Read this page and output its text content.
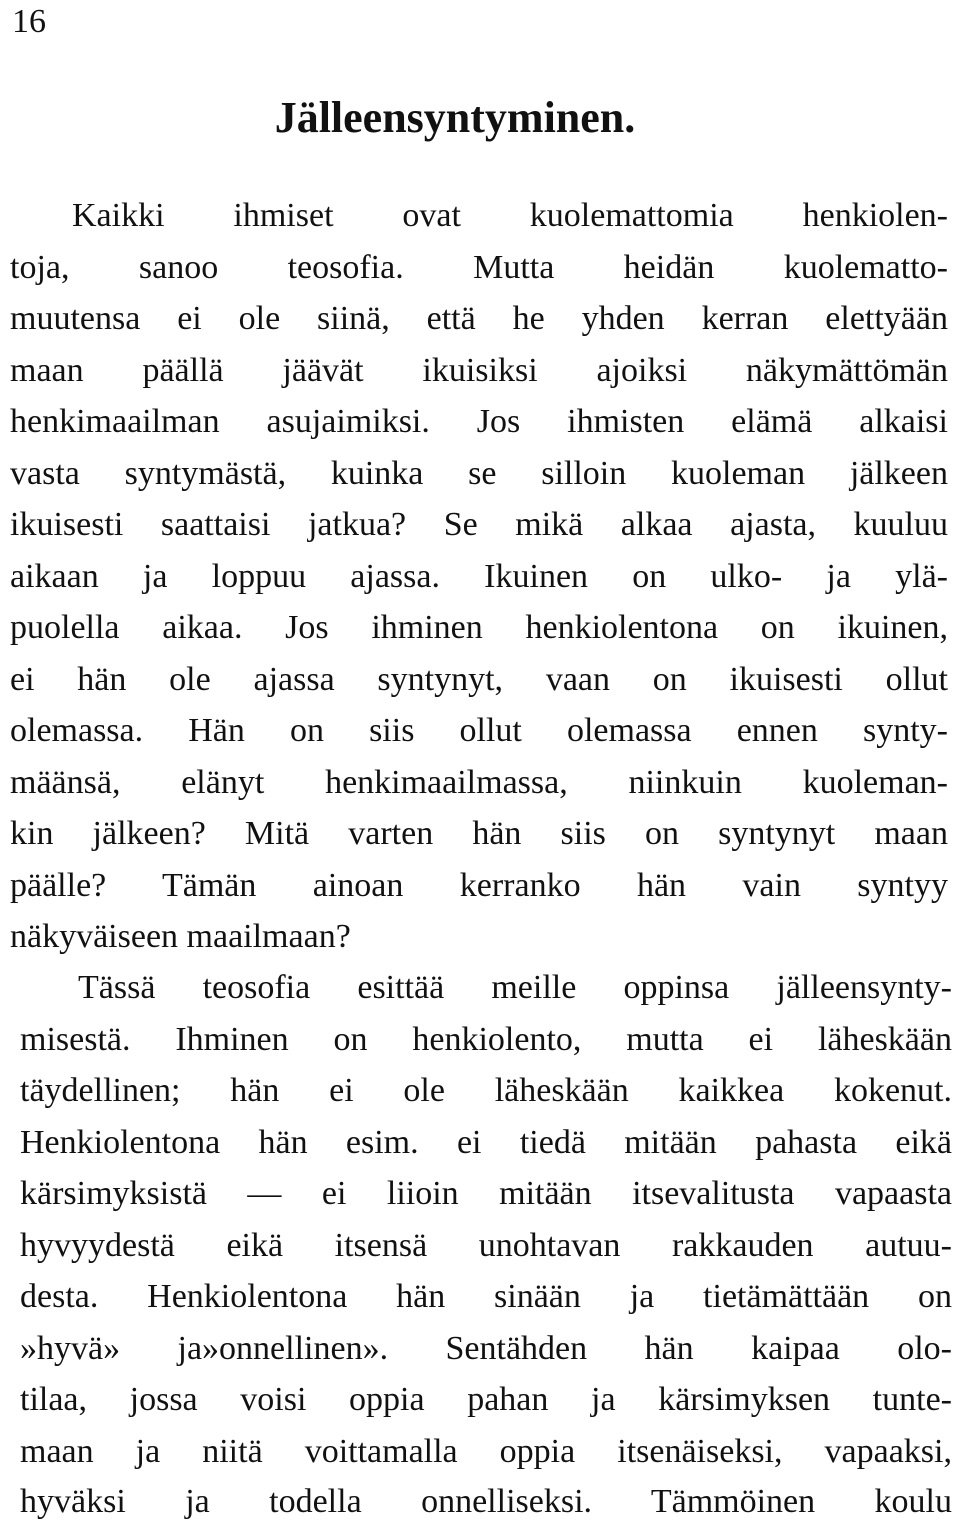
16
Jälleensyntyminen.
Kaikki ihmiset ovat kuolemattomia henkiolen-
toja, sanoo teosofia. Mutta heidän kuolematto-
muutensa ei ole siinä, että he yhden kerran elettyään
maan päällä jäävät ikuisiksi ajoiksi näkymättömän
henkimaailman asujaimiksi. Jos ihmisten elämä alkaisi
vasta syntymästä, kuinka se silloin kuoleman jälkeen
ikuisesti saattaisi jatkua? Se mikä alkaa ajasta, kuuluu
aikaan ja loppuu ajassa. Ikuinen on ulko- ja ylä-
puolella aikaa. Jos ihminen henkiolentona on ikuinen,
ei hän ole ajassa syntynyt, vaan on ikuisesti ollut
olemassa. Hän on siis ollut olemassa ennen synty-
määnsä, elänyt henkimaailmassa, niinkuin kuoleman-
kin jälkeen? Mitä varten hän siis on syntynyt maan
päälle? Tämän ainoan kerranko hän vain syntyy
näkyväiseen maailmaan?
Tässä teosofia esittää meille oppinsa jälleensynty-
misestä. Ihminen on henkiolento, mutta ei läheskään
täydellinen; hän ei ole läheskään kaikkea kokenut.
Henkiolentona hän esim. ei tiedä mitään pahasta eikä
kärsimyksistä — ei liioin mitään itsevalitusta vapaasta
hyvyydestä eikä itsensä unohtavan rakkauden autuu-
desta. Henkiolentona hän sinään ja tietämättään on
»hyvä» ja»onnellinen». Sentähden hän kaipaa olo-
tilaa, jossa voisi oppia pahan ja kärsimyksen tunte-
maan ja niitä voittamalla oppia itsenäiseksi, vapaaksi,
hyväksi ja todella onnelliseksi. Tämmöinen koulu
